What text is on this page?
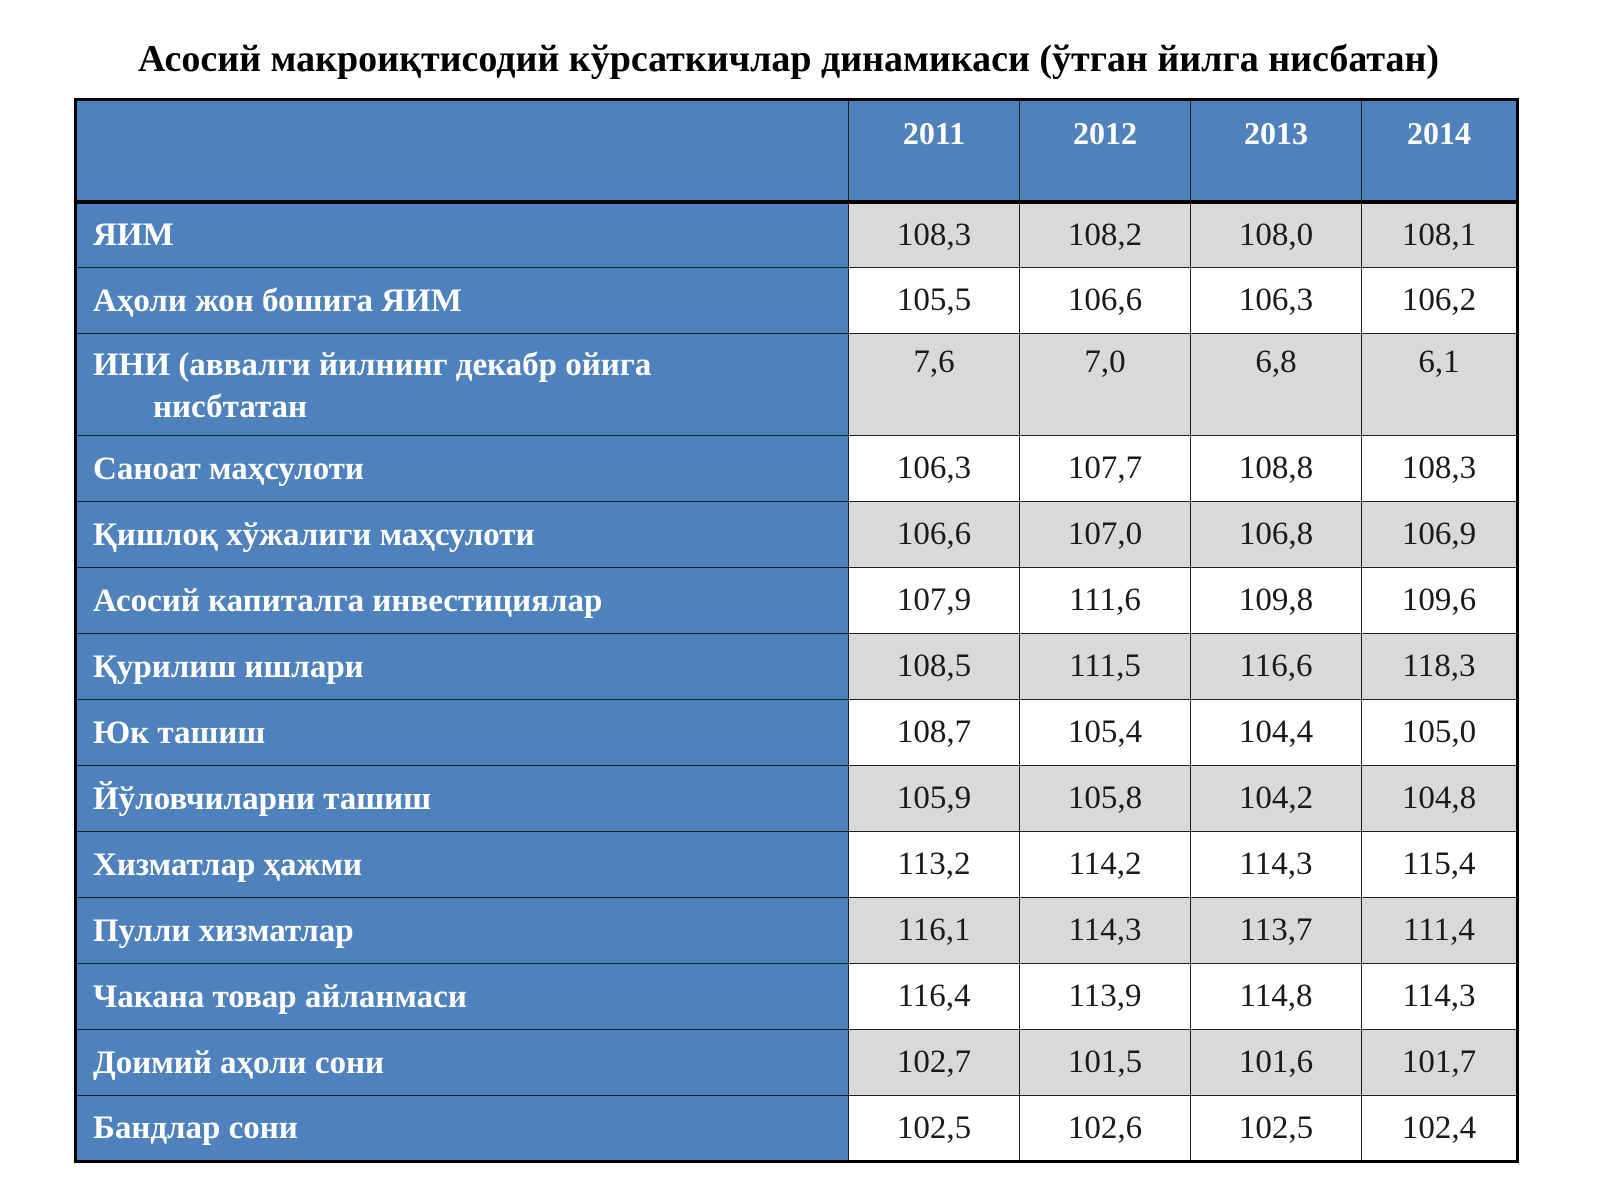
Асосий макроиқтисодий кўрсаткичлар динамикаси (ўтган йилга нисбатан)
	2011	2012	2013	2014
ЯИМ	108,3	108,2	108,0	108,1
Аҳоли жон бошига ЯИМ	105,5	106,6	106,3	106,2
ИНИ (аввалги йилнинг декабр ойига
нисбтатан	7,6	7,0	6,8	6,1
Саноат маҳсулоти	106,3	107,7	108,8	108,3
Қишлоқ хўжалиги маҳсулоти	106,6	107,0	106,8	106,9
Асосий капиталга инвестициялар	107,9	111,6	109,8	109,6
Қурилиш ишлари	108,5	111,5	116,6	118,3
Юк ташиш	108,7	105,4	104,4	105,0
Йўловчиларни ташиш	105,9	105,8	104,2	104,8
Хизматлар ҳажми	113,2	114,2	114,3	115,4
Пулли хизматлар	116,1	114,3	113,7	111,4
Чакана товар айланмаси	116,4	113,9	114,8	114,3
Доимий аҳоли сони	102,7	101,5	101,6	101,7
Бандлар сони	102,5	102,6	102,5	102,4
